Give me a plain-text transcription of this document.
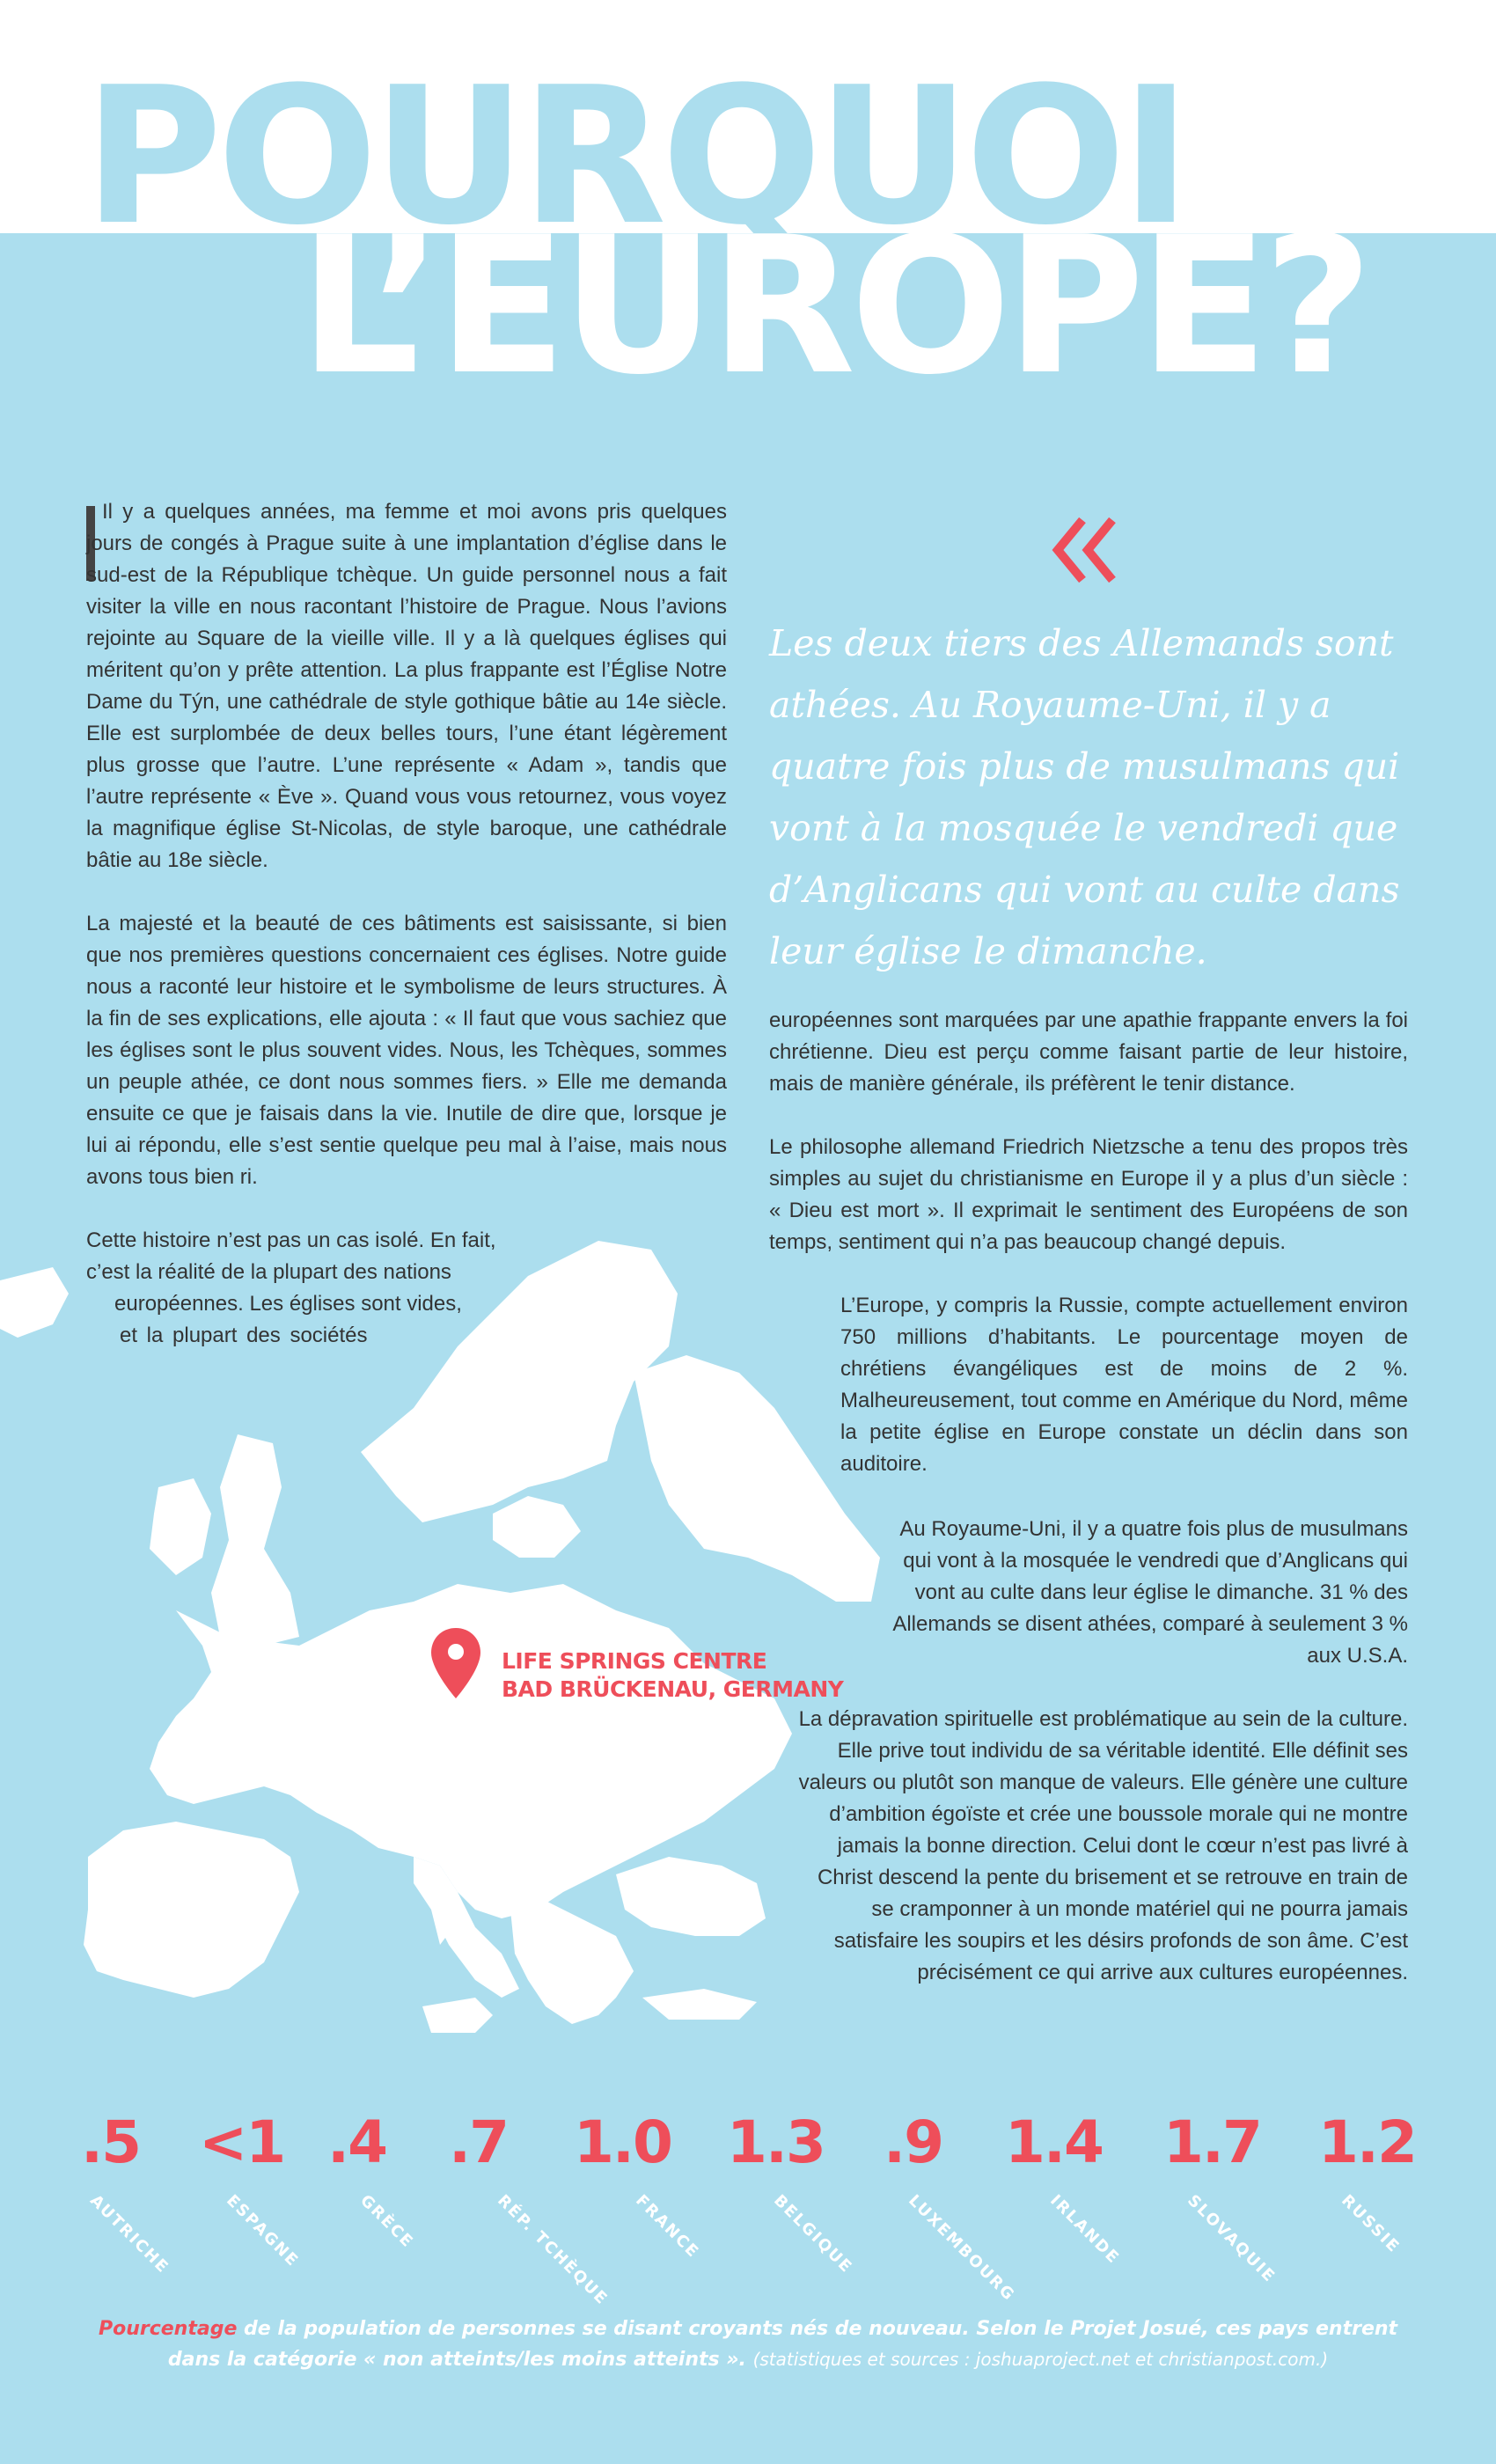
POURQUOI
L’EUROPE?

Il y a quelques années, ma femme et moi avons pris quelques jours de congés à Prague suite à une implantation d’église dans le sud-est de la République tchèque. Un guide personnel nous a fait visiter la ville en nous racontant l’histoire de Prague. Nous l’avions rejointe au Square de la vieille ville. Il y a là quelques églises qui méritent qu’on y prête attention. La plus frappante est l’Église Notre Dame du Týn, une cathédrale de style gothique bâtie au 14e siècle. Elle est surplombée de deux belles tours, l’une étant légèrement plus grosse que l’autre. L’une représente « Adam », tandis que l’autre représente « Ève ». Quand vous vous retournez, vous voyez la magnifique église St-Nicolas, de style baroque, une cathédrale bâtie au 18e siècle.

La majesté et la beauté de ces bâtiments est saisissante, si bien que nos premières questions concernaient ces églises. Notre guide nous a raconté leur histoire et le symbolisme de leurs structures. À la fin de ses explications, elle ajouta : « Il faut que vous sachiez que les églises sont le plus souvent vides. Nous, les Tchèques, sommes un peuple athée, ce dont nous sommes fiers. » Elle me demanda ensuite ce que je faisais dans la vie. Inutile de dire que, lorsque je lui ai répondu, elle s’est sentie quelque peu mal à l’aise, mais nous avons tous bien ri.

Cette histoire n’est pas un cas isolé. En fait,

c’est la réalité de la plupart des nations

européennes. Les églises sont vides,

et la plupart des sociétés

Les deux tiers des Allemands sont athées. Au Royaume-Uni, il y a quatre fois plus de musulmans qui vont à la mosquée le vendredi que d’Anglicans qui vont au culte dans leur église le dimanche.

européennes sont marquées par une apathie frappante envers la foi chrétienne. Dieu est perçu comme faisant partie de leur histoire, mais de manière générale, ils préfèrent le tenir distance.

Le philosophe allemand Friedrich Nietzsche a tenu des propos très simples au sujet du christianisme en Europe il y a plus d’un siècle : « Dieu est mort ». Il exprimait le sentiment des Européens de son temps, sentiment qui n’a pas beaucoup changé depuis.

L’Europe, y compris la Russie, compte actuellement environ 750 millions d’habitants. Le pourcentage moyen de chrétiens évangéliques est de moins de 2 %. Malheureusement, tout comme en Amérique du Nord, même la petite église en Europe constate un déclin dans son auditoire.

Au Royaume-Uni, il y a quatre fois plus de musulmans qui vont à la mosquée le vendredi que d’Anglicans qui vont au culte dans leur église le dimanche. 31 % des Allemands se disent athées, comparé à seulement 3 % aux U.S.A.

La dépravation spirituelle est problématique au sein de la culture. Elle prive tout individu de sa véritable identité. Elle définit ses valeurs ou plutôt son manque de valeurs. Elle génère une culture d’ambition égoïste et crée une boussole morale qui ne montre jamais la bonne direction. Celui dont le cœur n’est pas livré à Christ descend la pente du brisement et se retrouve en train de se cramponner à un monde matériel qui ne pourra jamais satisfaire les soupirs et les désirs profonds de son âme. C’est précisément ce qui arrive aux cultures européennes.

LIFE SPRINGS CENTRE
BAD BRÜCKENAU, GERMANY
.5 <1 .4 .7 1.0 1.3 .9 1.4 1.7 1.2
AUTRICHE	ESPAGNE	GRÈCE	RÉP. TCHÈQUE FRANCE	BELGIQUE	LUXEMBOURG IRLANDE	SLOVAQUIE	RUSSIE

Pourcentage de la population de personnes se disant croyants nés de nouveau. Selon le Projet Josué, ces pays entrent dans la catégorie « non atteints/les moins atteints ». (statistiques et sources : joshuaproject.net et christianpost.com.)
